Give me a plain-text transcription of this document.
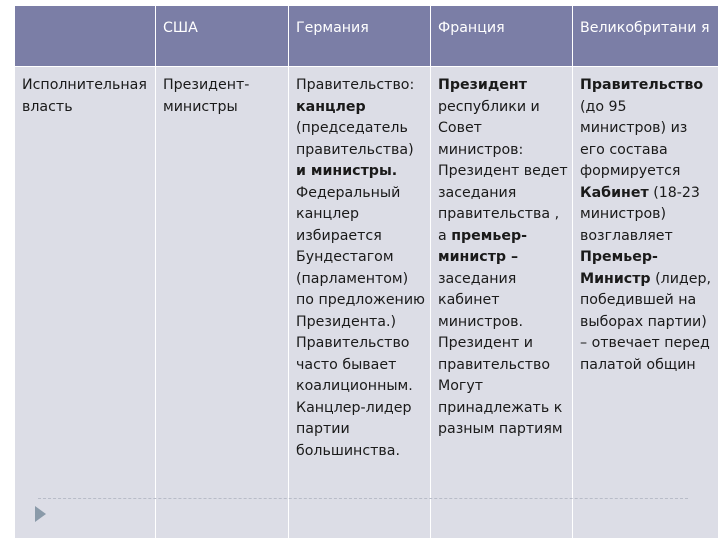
	США	Германия	Франция	Великобритани я
Исполнительная власть	Президент- министры	Правительство: канцлер (председатель правительства) и министры. Федеральный канцлер избирается Бундестагом (парламентом) по предложению Президента.) Правительство часто бывает коалиционным. Канцлер-лидер партии большинства.	Президент республики и Совет министров: Президент ведет заседания правительства , а премьер-министр – заседания кабинет министров. Президент и правительство Могут принадлежать к разным партиям	Правительство (до 95 министров) из его состава формируется Кабинет (18-23 министров) возглавляет Премьер-Министр (лидер, победившей на выборах партии) – отвечает перед палатой общин
